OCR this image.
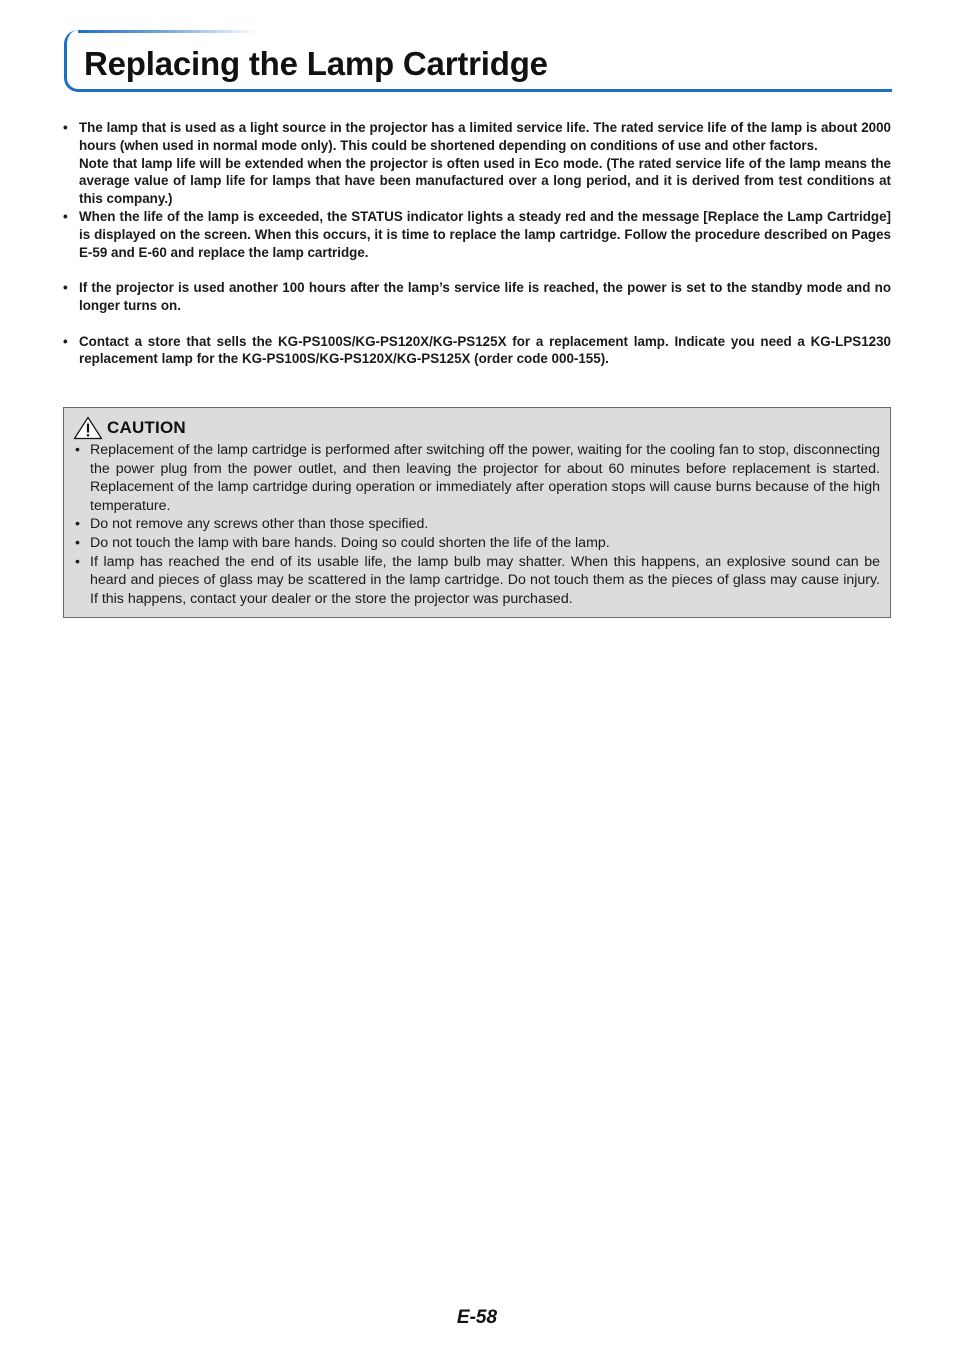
Replacing the Lamp Cartridge

• The lamp that is used as a light source in the projector has a limited service life. The rated service life of the lamp is about 2000 hours (when used in normal mode only). This could be shortened depending on conditions of use and other factors.

Note that lamp life will be extended when the projector is often used in Eco mode. (The rated service life of the lamp means the average value of lamp life for lamps that have been manufactured over a long period, and it is derived from test conditions at this company.)

• When the life of the lamp is exceeded, the STATUS indicator lights a steady red and the message [Replace the Lamp Cartridge] is displayed on the screen. When this occurs, it is time to replace the lamp cartridge. Follow the procedure described on Pages E-59 and E-60 and replace the lamp cartridge.

• If the projector is used another 100 hours after the lamp’s service life is reached, the power is set to the standby mode and no longer turns on.

• Contact a store that sells the KG-PS100S/KG-PS120X/KG-PS125X for a replacement lamp. Indicate you need a KG-LPS1230 replacement lamp for the KG-PS100S/KG-PS120X/KG-PS125X (order code 000-155).

CAUTION
• Replacement of the lamp cartridge is performed after switching off the power, waiting for the cooling fan to stop, disconnecting the power plug from the power outlet, and then leaving the projector for about 60 minutes before replacement is started. Replacement of the lamp cartridge during operation or immediately after operation stops will cause burns because of the high temperature.
• Do not remove any screws other than those specified.
• Do not touch the lamp with bare hands. Doing so could shorten the life of the lamp.
• If lamp has reached the end of its usable life, the lamp bulb may shatter. When this happens, an explosive sound can be heard and pieces of glass may be scattered in the lamp cartridge. Do not touch them as the pieces of glass may cause injury. If this happens, contact your dealer or the store the projector was purchased.
E-58
